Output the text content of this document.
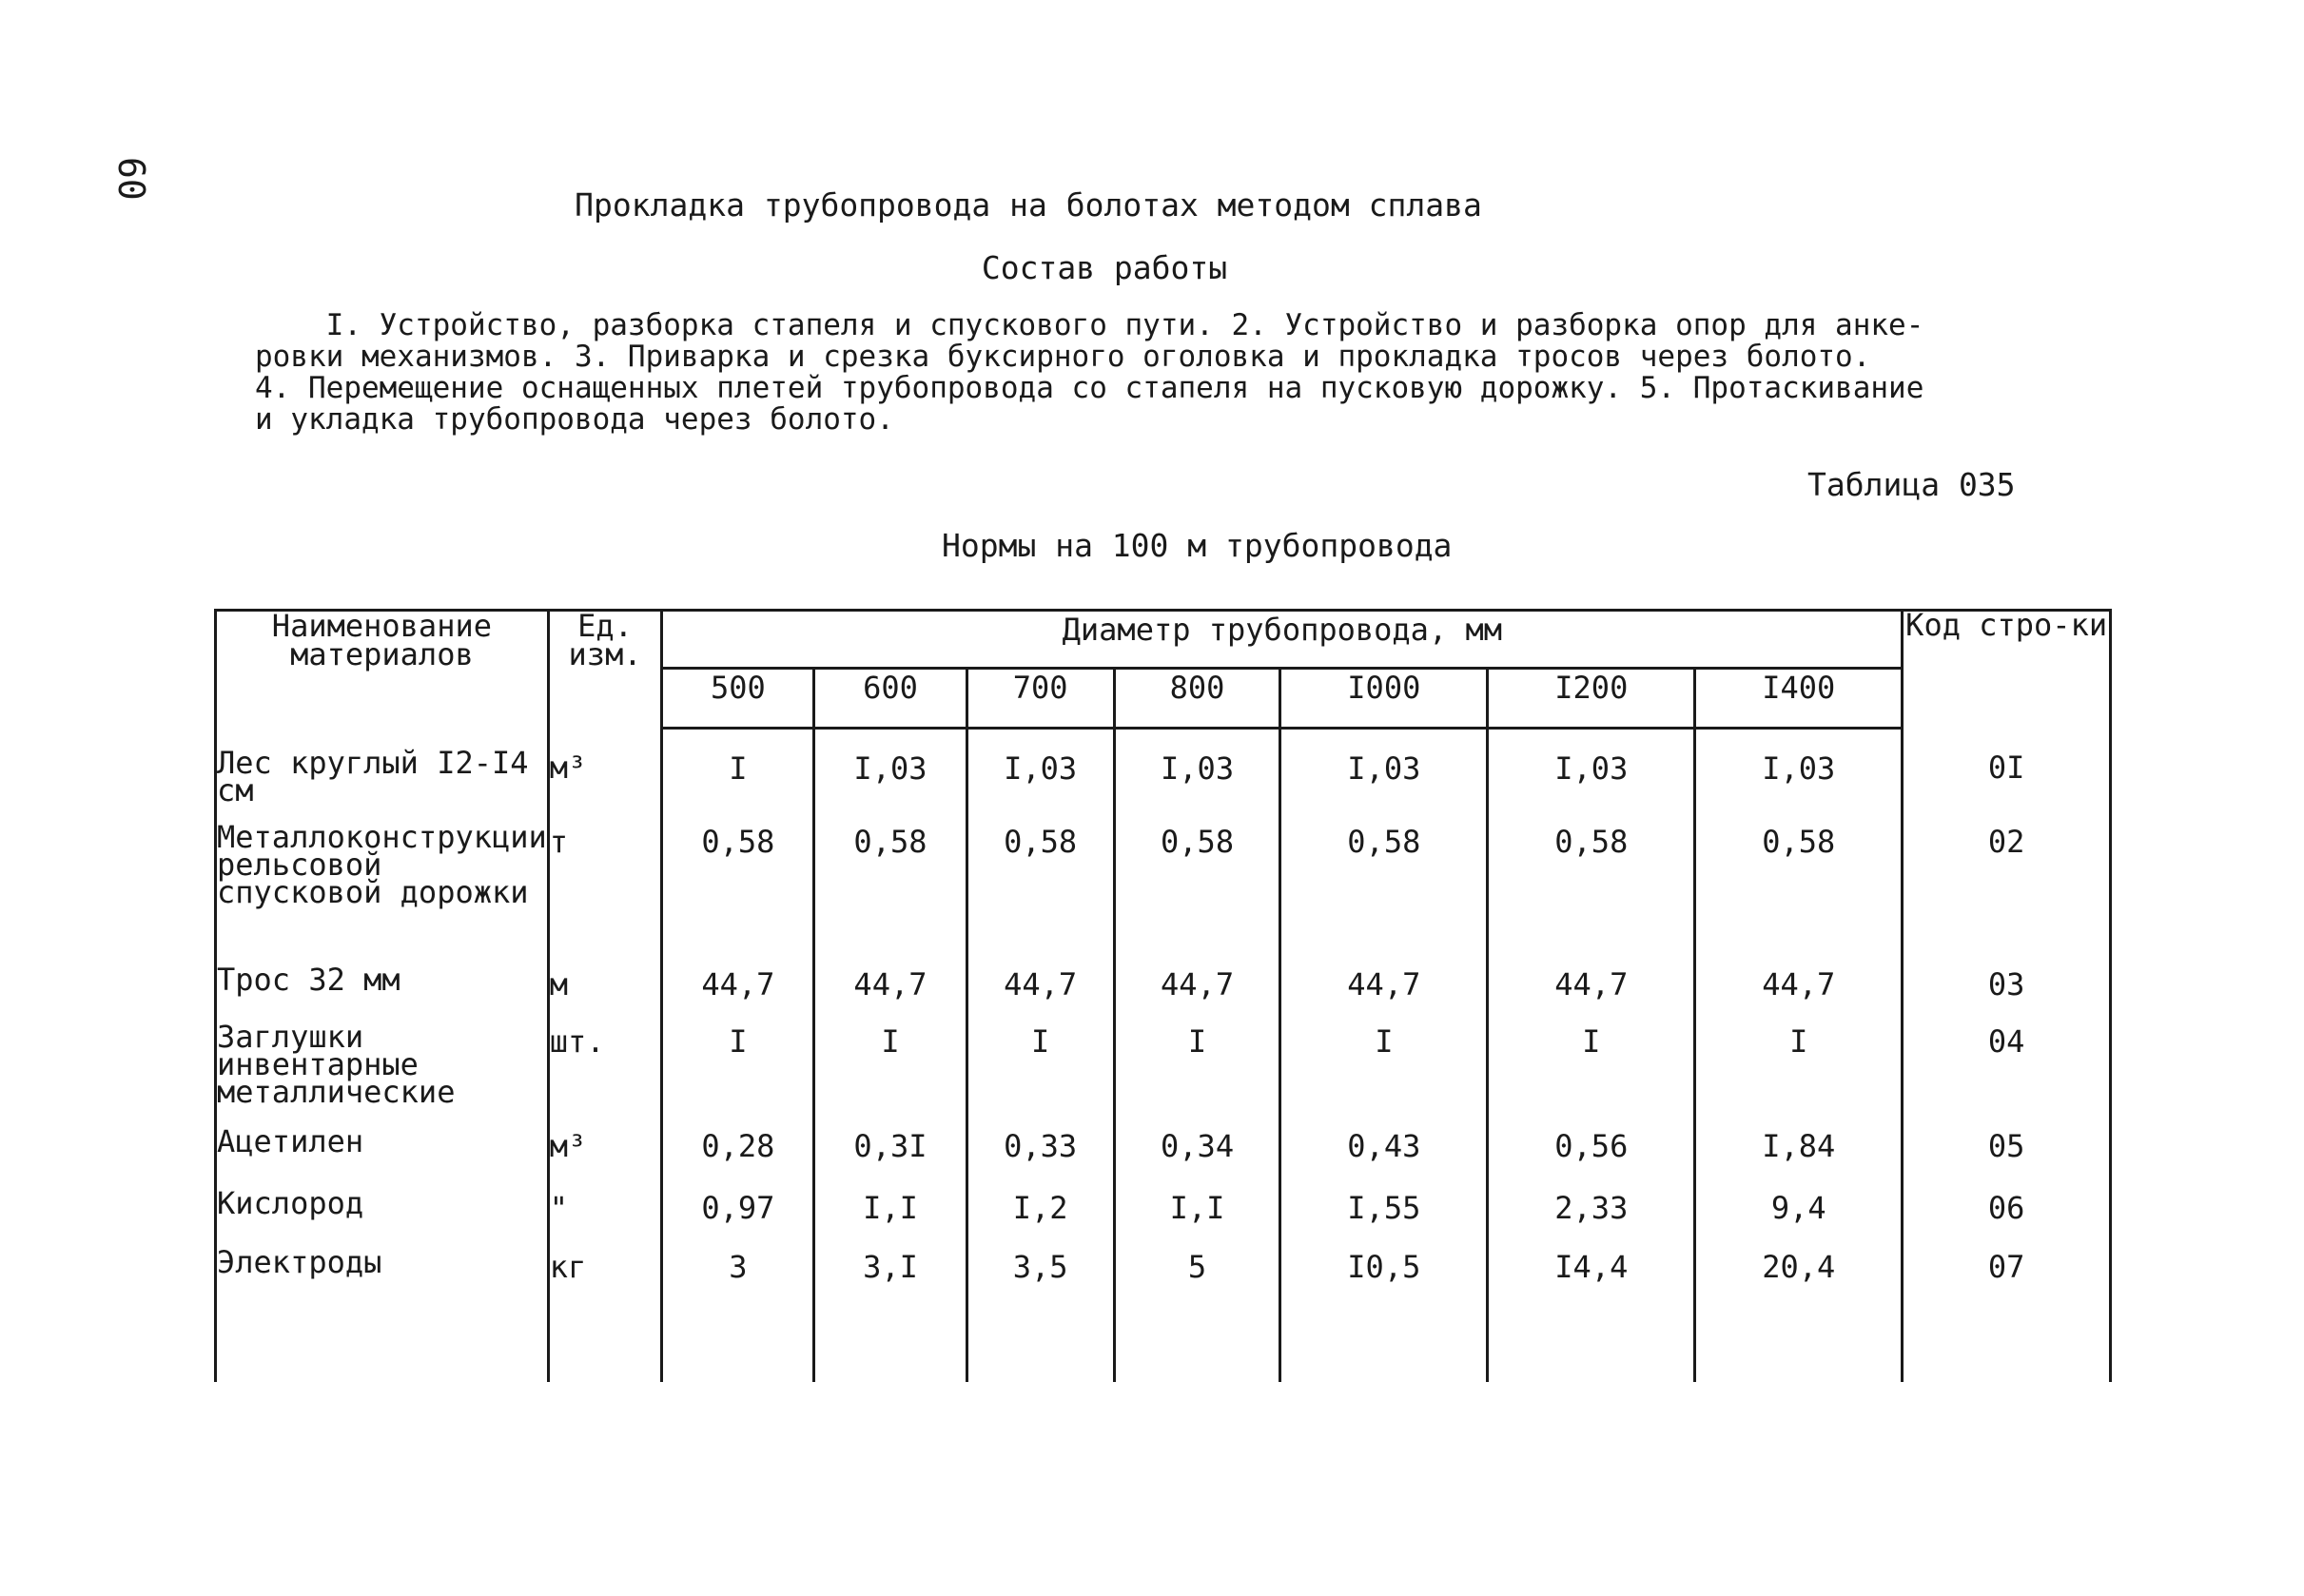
60
Прокладка трубопровода на болотах методом сплава
Состав работы
I. Устройство, разборка стапеля и спускового пути. 2. Устройство и разборка опор для анке-
ровки механизмов. 3. Приварка и срезка буксирного оголовка и прокладка тросов через болото.
4. Перемещение оснащенных плетей трубопровода со стапеля на пусковую дорожку. 5. Протаскивание
и укладка трубопровода через болото.
Таблица 035
Нормы на 100 м трубопровода
Наименование материалов	Ед. изм.	Диаметр трубопровода, мм							Код стро-ки
		500	600	700	800	I000	I200	I400	
Лес круглый I2-I4 см	м³	I	I,03	I,03	I,03	I,03	I,03	I,03	0I
Металлоконструкции рельсовой спусковой дорожки	т	0,58	0,58	0,58	0,58	0,58	0,58	0,58	02
Трос 32 мм	м	44,7	44,7	44,7	44,7	44,7	44,7	44,7	03
Заглушки инвентарные металлические	шт.	I	I	I	I	I	I	I	04
Ацетилен	м³	0,28	0,3I	0,33	0,34	0,43	0,56	I,84	05
Кислород	"	0,97	I,I	I,2	I,I	I,55	2,33	9,4	06
Электроды	кг	3	3,I	3,5	5	I0,5	I4,4	20,4	07
